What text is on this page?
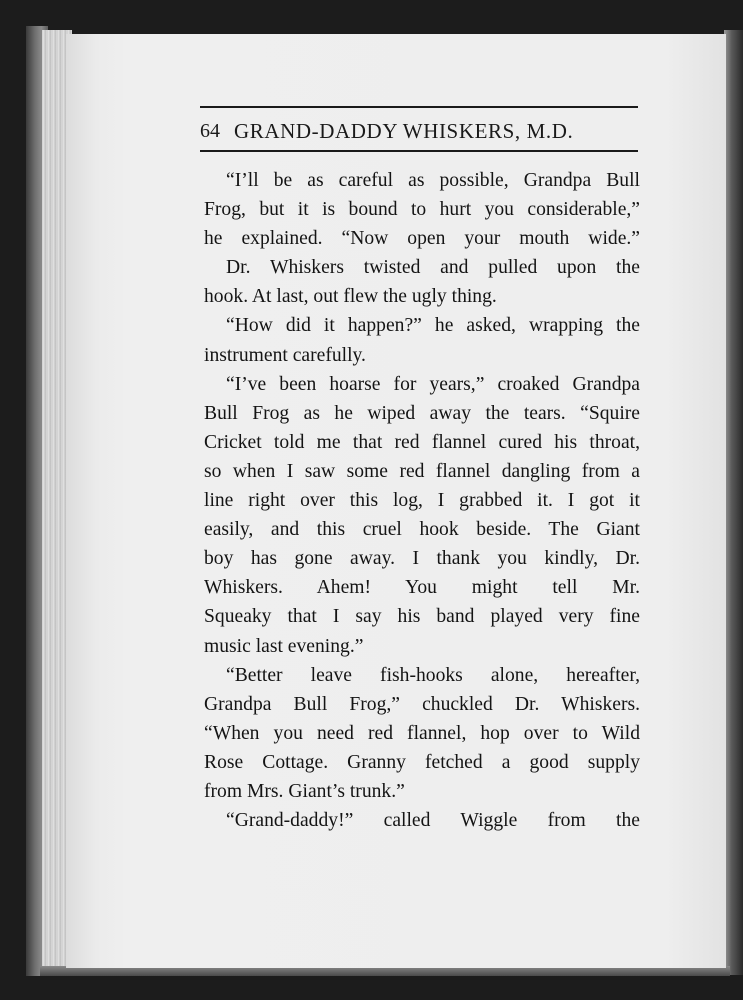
64 GRAND-DADDY WHISKERS, M.D.
“I’ll be as careful as possible, Grandpa Bull
Frog, but it is bound to hurt you considerable,”
he explained. “Now open your mouth wide.”
Dr. Whiskers twisted and pulled upon the
hook. At last, out flew the ugly thing.
“How did it happen?” he asked, wrapping the
instrument carefully.
“I’ve been hoarse for years,” croaked Grandpa
Bull Frog as he wiped away the tears. “Squire
Cricket told me that red flannel cured his throat,
so when I saw some red flannel dangling from a
line right over this log, I grabbed it. I got it
easily, and this cruel hook beside. The Giant
boy has gone away. I thank you kindly, Dr.
Whiskers. Ahem! You might tell Mr.
Squeaky that I say his band played very fine
music last evening.”
“Better leave fish-hooks alone, hereafter,
Grandpa Bull Frog,” chuckled Dr. Whiskers.
“When you need red flannel, hop over to Wild
Rose Cottage. Granny fetched a good supply
from Mrs. Giant’s trunk.”
“Grand-daddy!” called Wiggle from the
